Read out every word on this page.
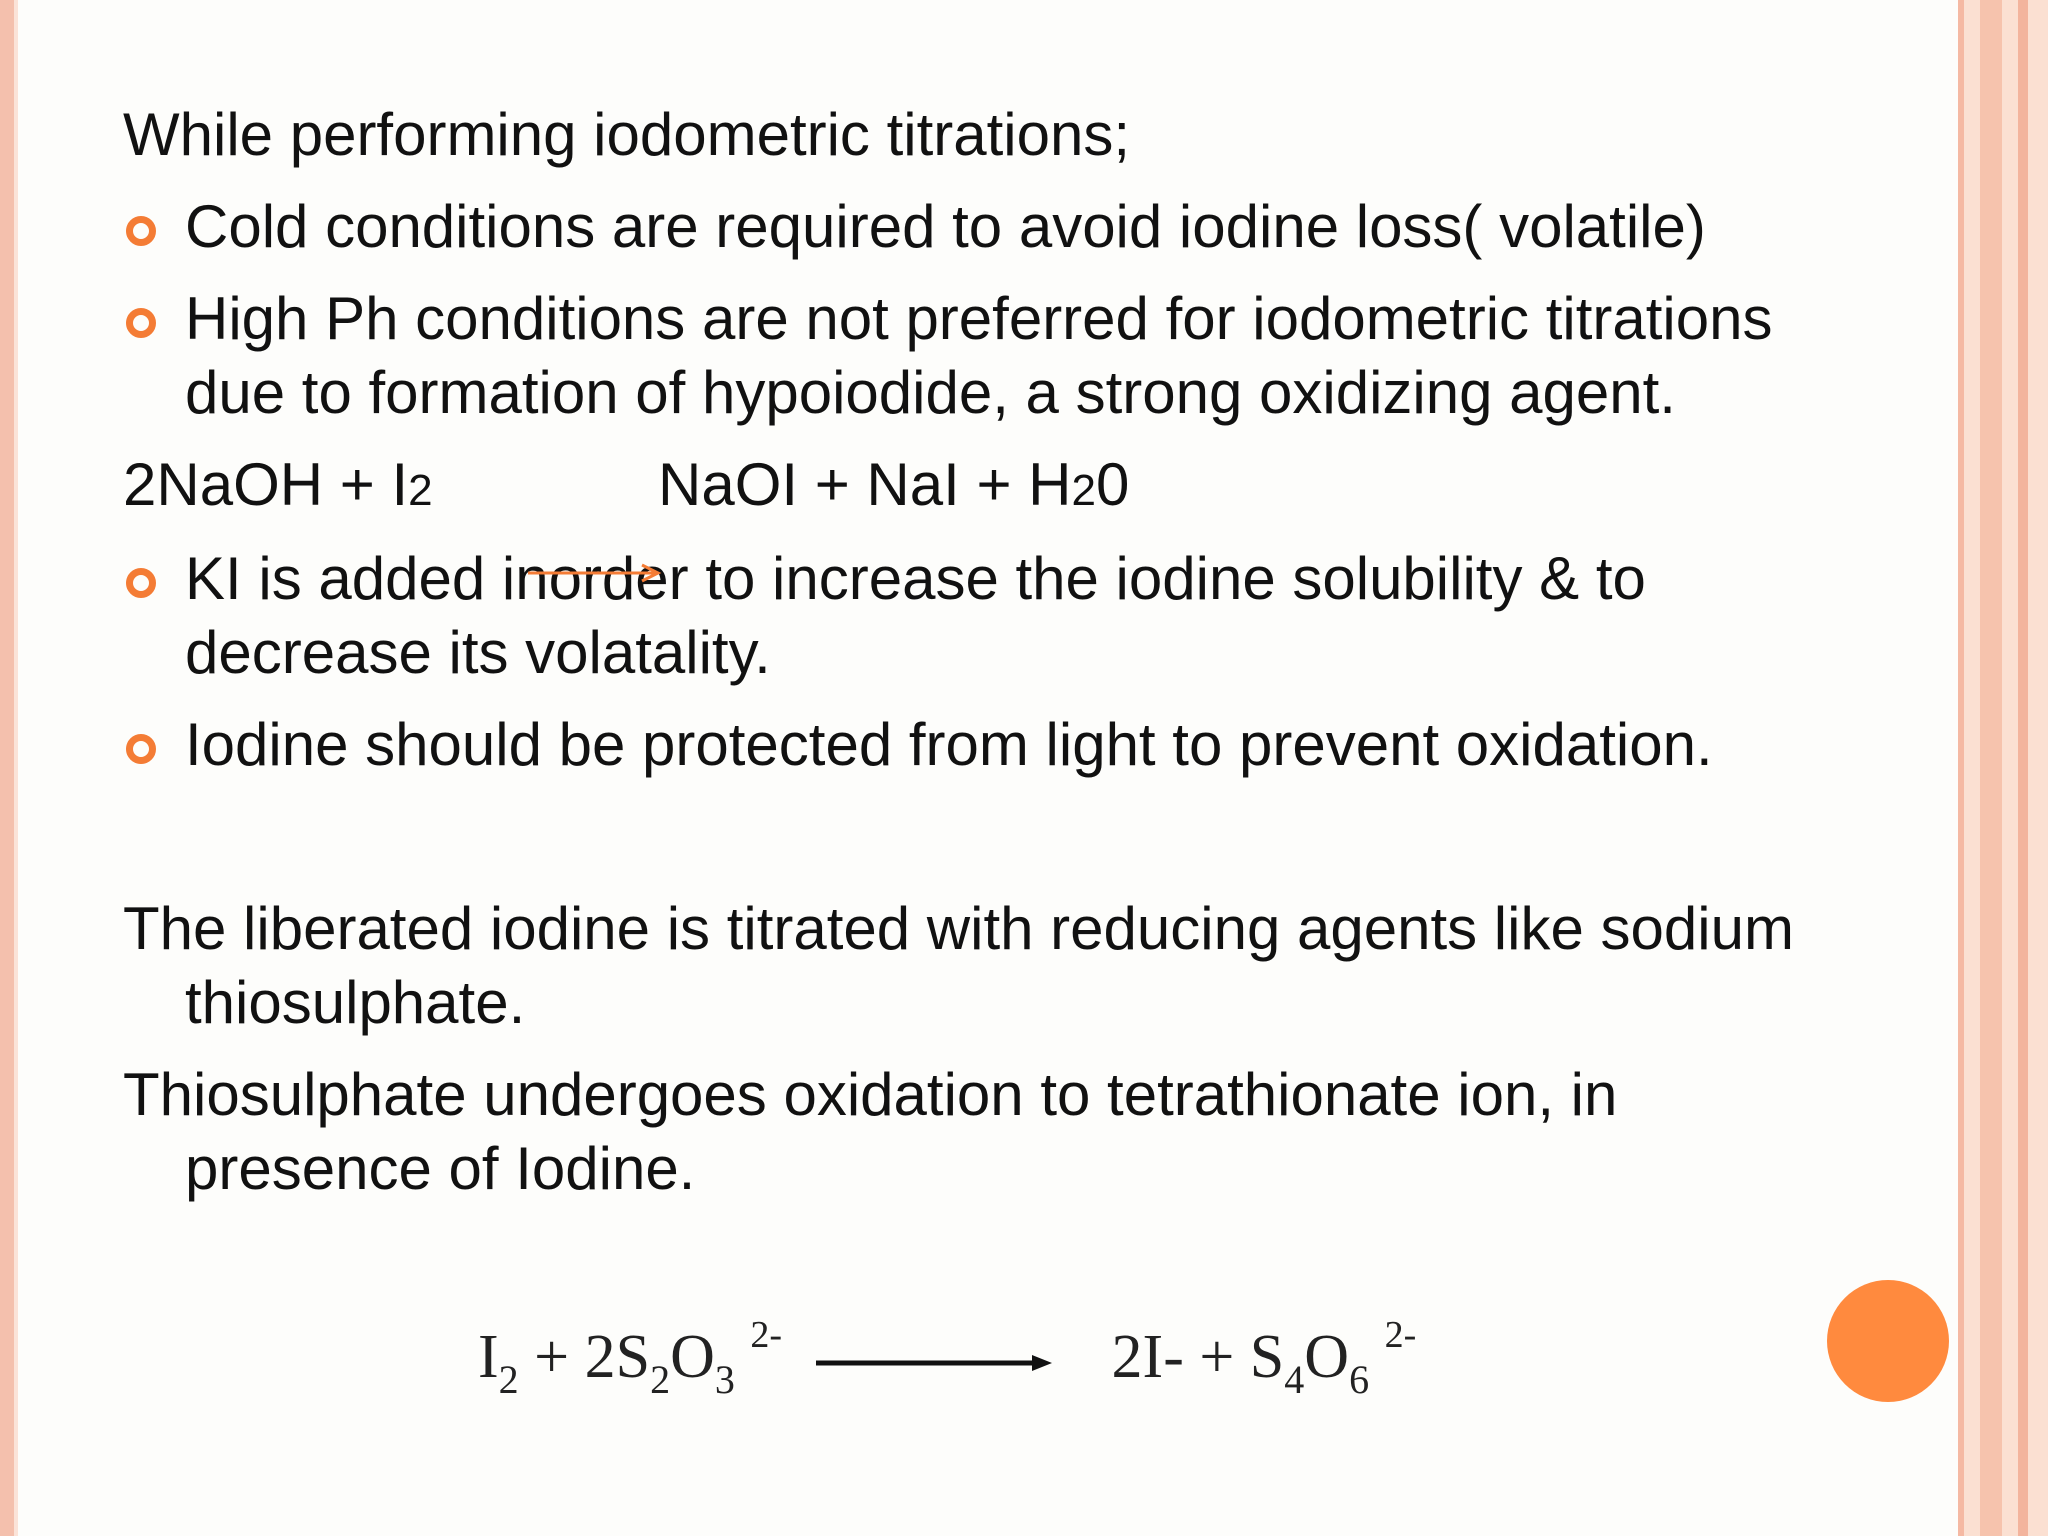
While performing iodometric titrations;
Cold conditions are required to avoid iodine loss( volatile)
High Ph conditions are not preferred for iodometric titrations
due to formation of hypoiodide, a strong oxidizing agent.
2NaOH + I2	NaOI + NaI + H20
KI is added inorder to increase the iodine solubility & to
decrease its volatality.
Iodine should be protected from light to prevent oxidation.
The liberated iodine is titrated with reducing agents like sodium
thiosulphate.
Thiosulphate undergoes oxidation to tetrathionate ion, in
presence of Iodine.
$I_2 + 2S_2O_3$ $^{2-} \to 2I- + S_4O_6$ $^{2-}$
